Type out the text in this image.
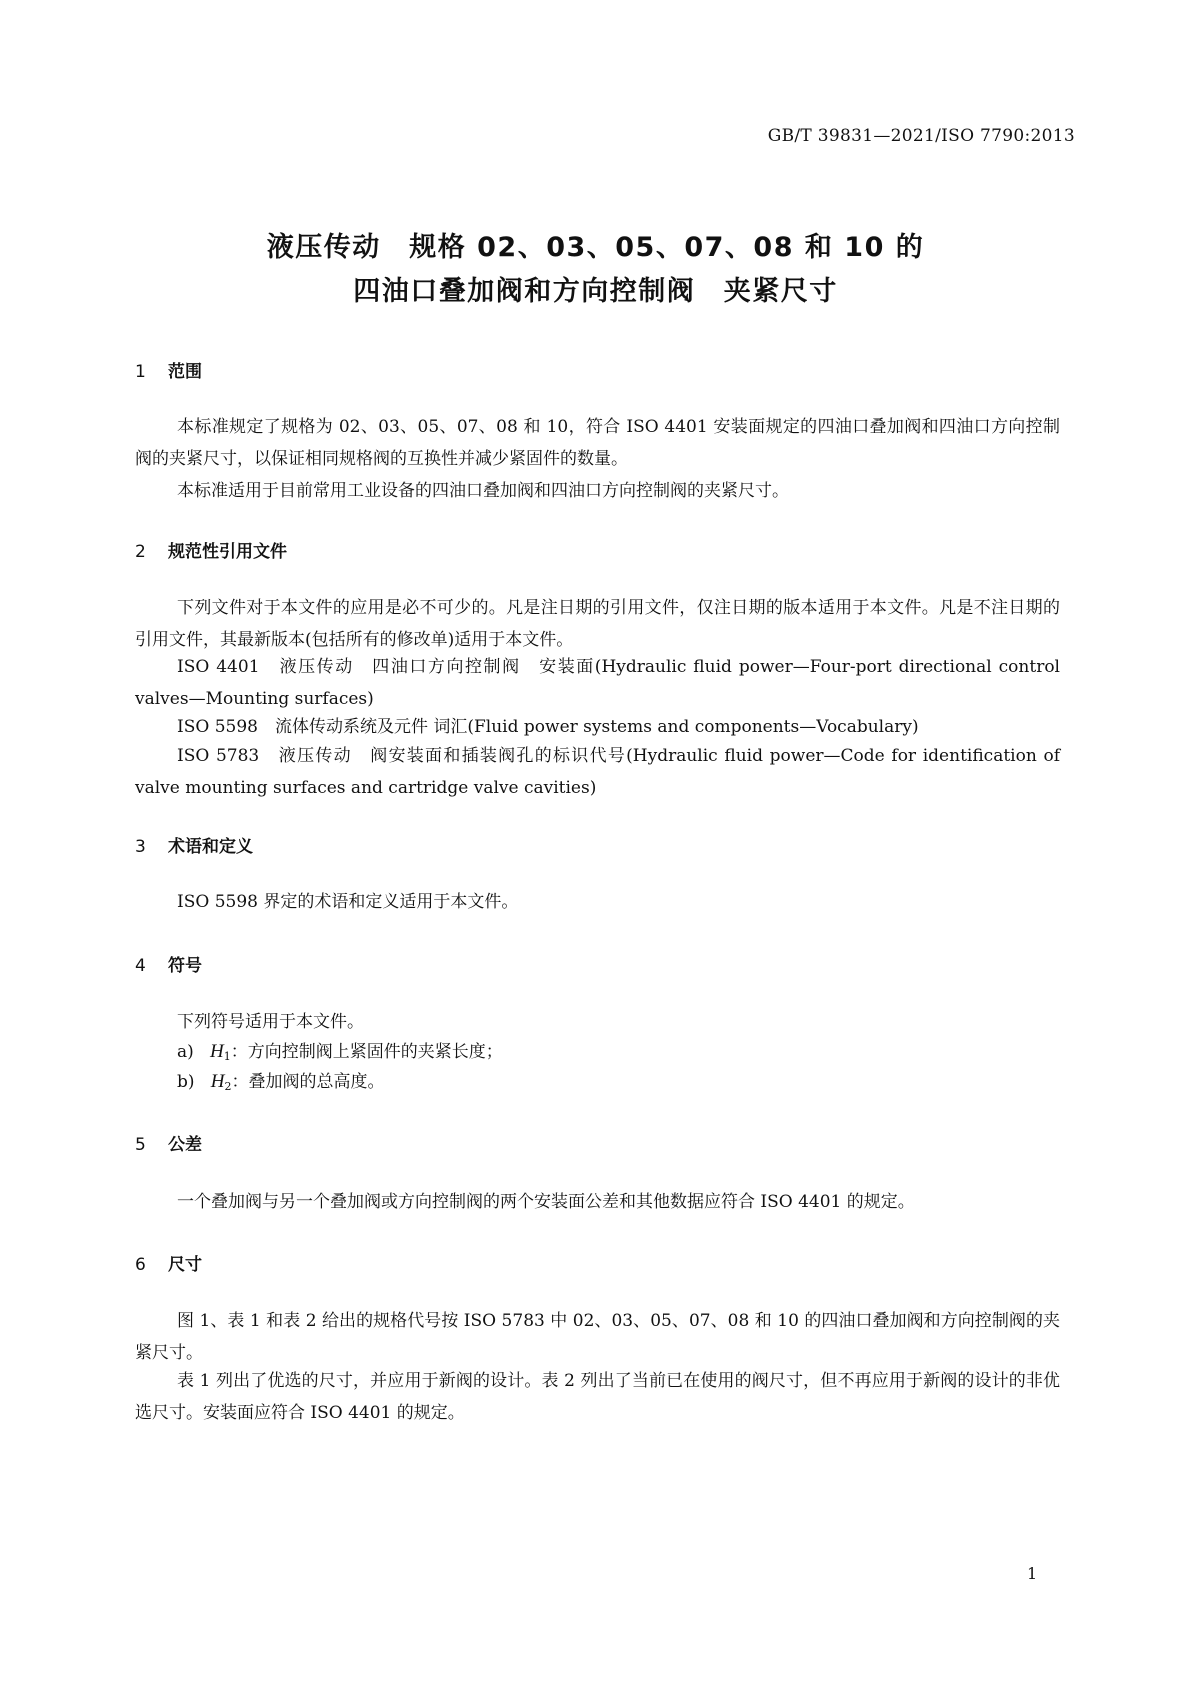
GB/T 39831—2021/ISO 7790:2013
液压传动　规格 02、03、05、07、08 和 10 的
四油口叠加阀和方向控制阀　夹紧尺寸
1 范围
本标准规定了规格为 02、03、05、07、08 和 10，符合 ISO 4401 安装面规定的四油口叠加阀和四油口方向控制阀的夹紧尺寸，以保证相同规格阀的互换性并减少紧固件的数量。
本标准适用于目前常用工业设备的四油口叠加阀和四油口方向控制阀的夹紧尺寸。
2 规范性引用文件
下列文件对于本文件的应用是必不可少的。凡是注日期的引用文件，仅注日期的版本适用于本文件。凡是不注日期的引用文件，其最新版本(包括所有的修改单)适用于本文件。
ISO 4401　液压传动　四油口方向控制阀　安装面(Hydraulic fluid power—Four-port directional control valves—Mounting surfaces)
ISO 5598　流体传动系统及元件 词汇(Fluid power systems and components—Vocabulary)
ISO 5783　液压传动　阀安装面和插装阀孔的标识代号(Hydraulic fluid power—Code for identification of valve mounting surfaces and cartridge valve cavities)
3 术语和定义
ISO 5598 界定的术语和定义适用于本文件。
4 符号
下列符号适用于本文件。
a) $H_1$：方向控制阀上紧固件的夹紧长度；
b) $H_2$：叠加阀的总高度。
5 公差
一个叠加阀与另一个叠加阀或方向控制阀的两个安装面公差和其他数据应符合 ISO 4401 的规定。
6 尺寸
图 1、表 1 和表 2 给出的规格代号按 ISO 5783 中 02、03、05、07、08 和 10 的四油口叠加阀和方向控制阀的夹紧尺寸。
表 1 列出了优选的尺寸，并应用于新阀的设计。表 2 列出了当前已在使用的阀尺寸，但不再应用于新阀的设计的非优选尺寸。安装面应符合 ISO 4401 的规定。
1
